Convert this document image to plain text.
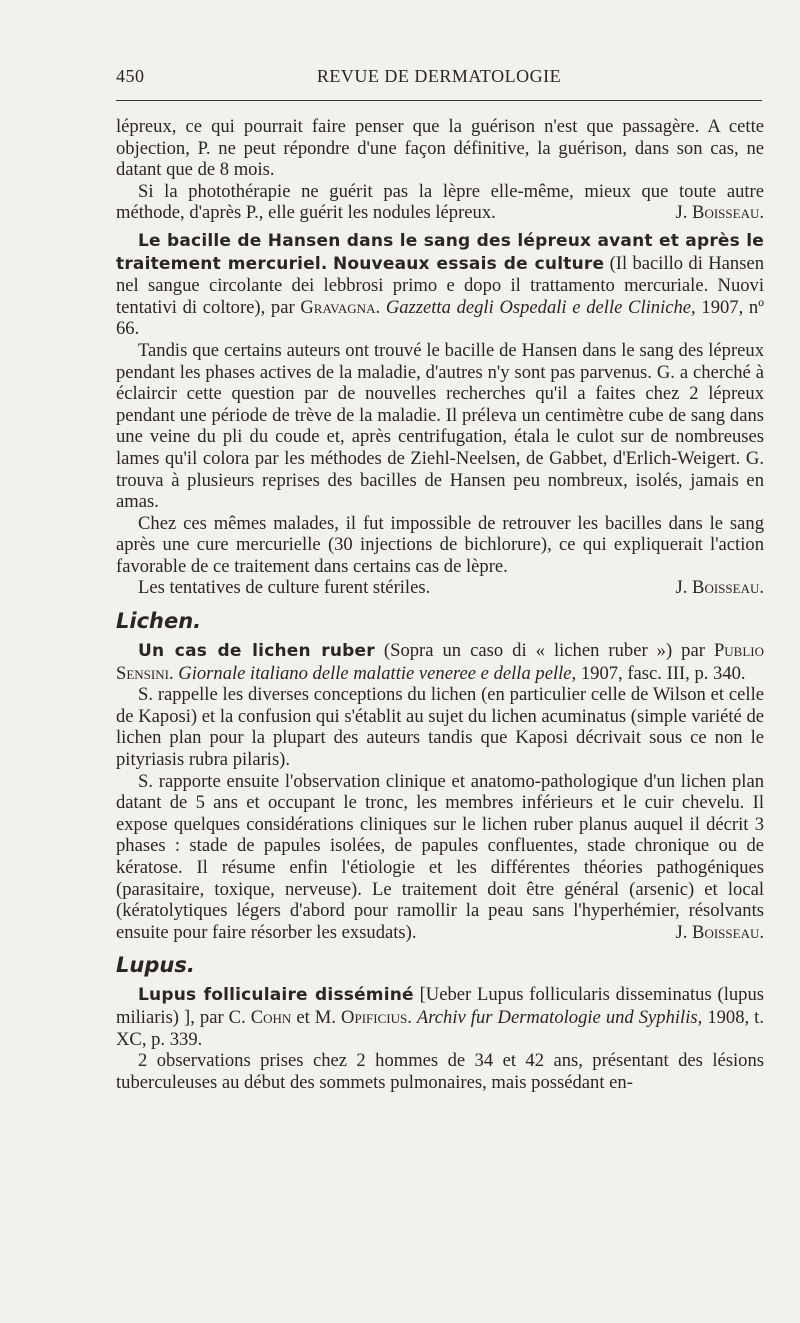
450	REVUE DE DERMATOLOGIE

lépreux, ce qui pourrait faire penser que la guérison n'est que passagère. A cette objection, P. ne peut répondre d'une façon définitive, la guérison, dans son cas, ne datant que de 8 mois.

Si la photothérapie ne guérit pas la lèpre elle-même, mieux que toute autre méthode, d'après P., elle guérit les nodules lépreux.	J. Boisseau.

Le bacille de Hansen dans le sang des lépreux avant et après le traitement mercuriel. Nouveaux essais de culture (Il bacillo di Hansen nel sangue circolante dei lebbrosi primo e dopo il trattamento mercuriale. Nuovi tentativi di coltore), par Gravagna. Gazzetta degli Ospedali e delle Cliniche, 1907, nº 66.

Tandis que certains auteurs ont trouvé le bacille de Hansen dans le sang des lépreux pendant les phases actives de la maladie, d'autres n'y sont pas parvenus. G. a cherché à éclaircir cette question par de nouvelles recherches qu'il a faites chez 2 lépreux pendant une période de trève de la maladie. Il préleva un centimètre cube de sang dans une veine du pli du coude et, après centrifugation, étala le culot sur de nombreuses lames qu'il colora par les méthodes de Ziehl-Neelsen, de Gabbet, d'Erlich-Weigert. G. trouva à plusieurs reprises des bacilles de Hansen peu nombreux, isolés, jamais en amas.

Chez ces mêmes malades, il fut impossible de retrouver les bacilles dans le sang après une cure mercurielle (30 injections de bichlorure), ce qui expliquerait l'action favorable de ce traitement dans certains cas de lèpre.

Les tentatives de culture furent stériles.	J. Boisseau.

Lichen.

Un cas de lichen ruber (Sopra un caso di « lichen ruber ») par Publio Sensini. Giornale italiano delle malattie veneree e della pelle, 1907, fasc. III, p. 340.

S. rappelle les diverses conceptions du lichen (en particulier celle de Wilson et celle de Kaposi) et la confusion qui s'établit au sujet du lichen acuminatus (simple variété de lichen plan pour la plupart des auteurs tandis que Kaposi décrivait sous ce non le pityriasis rubra pilaris).

S. rapporte ensuite l'observation clinique et anatomo-pathologique d'un lichen plan datant de 5 ans et occupant le tronc, les membres inférieurs et le cuir chevelu. Il expose quelques considérations cliniques sur le lichen ruber planus auquel il décrit 3 phases : stade de papules isolées, de papules confluentes, stade chronique ou de kératose. Il résume enfin l'étiologie et les différentes théories pathogéniques (parasitaire, toxique, nerveuse). Le traitement doit être général (arsenic) et local (kératolytiques légers d'abord pour ramollir la peau sans l'hyperhémier, résolvants ensuite pour faire résorber les exsudats).	J. Boisseau.

Lupus.

Lupus folliculaire disséminé [Ueber Lupus follicularis disseminatus (lupus miliaris) ], par C. Cohn et M. Opificius. Archiv fur Dermatologie und Syphilis, 1908, t. XC, p. 339.

2 observations prises chez 2 hommes de 34 et 42 ans, présentant des lésions tuberculeuses au début des sommets pulmonaires, mais possédant en-
